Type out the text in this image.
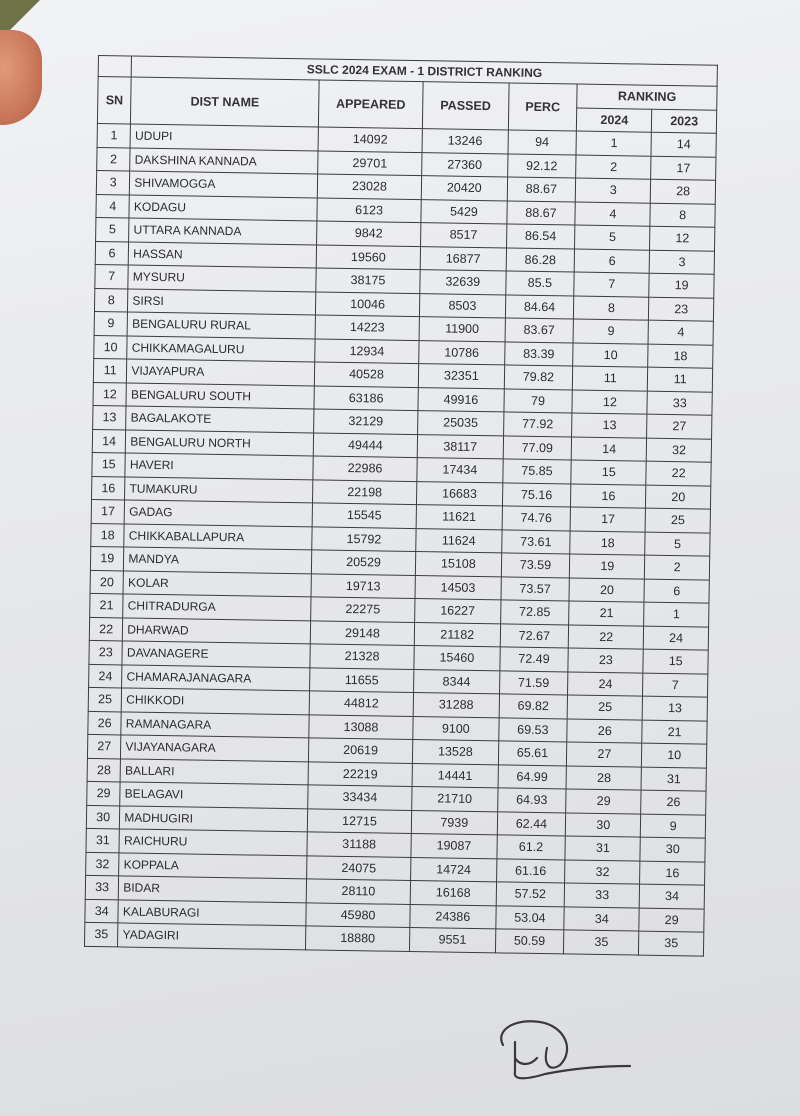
	SSLC 2024 EXAM - 1 DISTRICT RANKING					
SN	DIST NAME	APPEARED	PASSED	PERC	RANKING	
					2024	2023
1	UDUPI	14092	13246	94	1	14
2	DAKSHINA KANNADA	29701	27360	92.12	2	17
3	SHIVAMOGGA	23028	20420	88.67	3	28
4	KODAGU	6123	5429	88.67	4	8
5	UTTARA KANNADA	9842	8517	86.54	5	12
6	HASSAN	19560	16877	86.28	6	3
7	MYSURU	38175	32639	85.5	7	19
8	SIRSI	10046	8503	84.64	8	23
9	BENGALURU RURAL	14223	11900	83.67	9	4
10	CHIKKAMAGALURU	12934	10786	83.39	10	18
11	VIJAYAPURA	40528	32351	79.82	11	11
12	BENGALURU SOUTH	63186	49916	79	12	33
13	BAGALAKOTE	32129	25035	77.92	13	27
14	BENGALURU NORTH	49444	38117	77.09	14	32
15	HAVERI	22986	17434	75.85	15	22
16	TUMAKURU	22198	16683	75.16	16	20
17	GADAG	15545	11621	74.76	17	25
18	CHIKKABALLAPURA	15792	11624	73.61	18	5
19	MANDYA	20529	15108	73.59	19	2
20	KOLAR	19713	14503	73.57	20	6
21	CHITRADURGA	22275	16227	72.85	21	1
22	DHARWAD	29148	21182	72.67	22	24
23	DAVANAGERE	21328	15460	72.49	23	15
24	CHAMARAJANAGARA	11655	8344	71.59	24	7
25	CHIKKODI	44812	31288	69.82	25	13
26	RAMANAGARA	13088	9100	69.53	26	21
27	VIJAYANAGARA	20619	13528	65.61	27	10
28	BALLARI	22219	14441	64.99	28	31
29	BELAGAVI	33434	21710	64.93	29	26
30	MADHUGIRI	12715	7939	62.44	30	9
31	RAICHURU	31188	19087	61.2	31	30
32	KOPPALA	24075	14724	61.16	32	16
33	BIDAR	28110	16168	57.52	33	34
34	KALABURAGI	45980	24386	53.04	34	29
35	YADAGIRI	18880	9551	50.59	35	35
